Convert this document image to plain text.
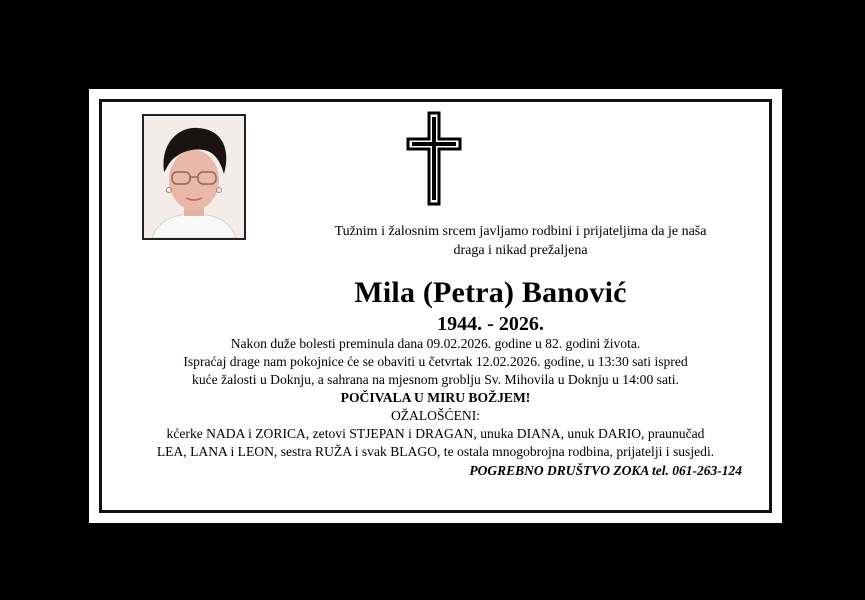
Tužnim i žalosnim srcem javljamo rodbini i prijateljima da je naša
draga i nikad prežaljena
Mila (Petra) Banović
1944. - 2026.
Nakon duže bolesti preminula dana 09.02.2026. godine u 82. godini života.
Ispraćaj drage nam pokojnice će se obaviti u četvrtak 12.02.2026. godine, u 13:30 sati ispred
kuće žalosti u Doknju, a sahrana na mjesnom groblju Sv. Mihovila u Doknju u 14:00 sati.
POČIVALA U MIRU BOŽJEM!
OŽALOŠĆENI:
kćerke NADA i ZORICA, zetovi STJEPAN i DRAGAN, unuka DIANA, unuk DARIO, praunučad
LEA, LANA i LEON, sestra RUŽA i svak BLAGO, te ostala mnogobrojna rodbina, prijatelji i susjedi.
POGREBNO DRUŠTVO ZOKA tel. 061-263-124
